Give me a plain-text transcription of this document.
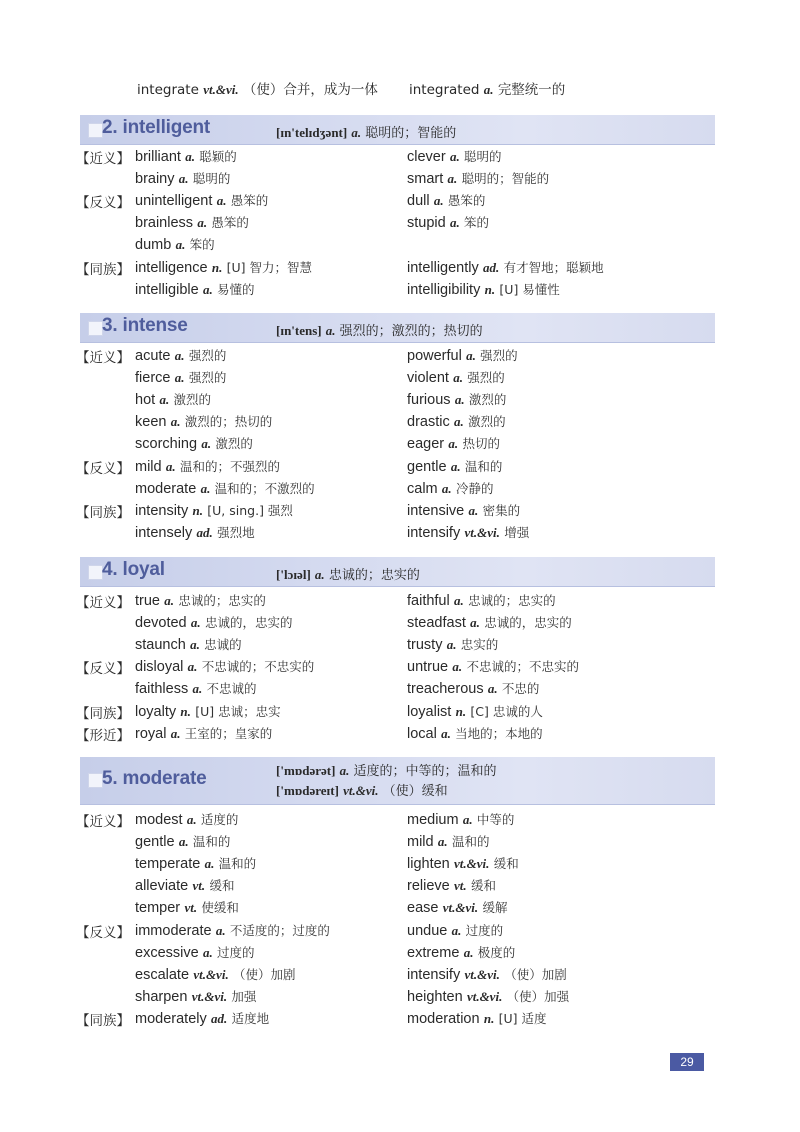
integrate vt.&vi. （使）合并，成为一体 integrated a. 完整统一的
2. intelligent	[ɪn'telɪdʒənt] a. 聪明的；智能的
【近义】 brilliant a. 聪颖的	clever a. 聪明的
brainy a. 聪明的	smart a. 聪明的；智能的
【反义】 unintelligent a. 愚笨的	dull a. 愚笨的
brainless a. 愚笨的	stupid a. 笨的
dumb a. 笨的
【同族】 intelligence n. [U] 智力；智慧	intelligently ad. 有才智地；聪颖地
intelligible a. 易懂的	intelligibility n. [U] 易懂性
3. intense	[ɪn'tens] a. 强烈的；激烈的；热切的
【近义】 acute a. 强烈的	powerful a. 强烈的
fierce a. 强烈的	violent a. 强烈的
hot a. 激烈的	furious a. 激烈的
keen a. 激烈的；热切的	drastic a. 激烈的
scorching a. 激烈的	eager a. 热切的
【反义】 mild a. 温和的；不强烈的	gentle a. 温和的
moderate a. 温和的；不激烈的	calm a. 冷静的
【同族】 intensity n. [U, sing.] 强烈	intensive a. 密集的
intensely ad. 强烈地	intensify vt.&vi. 增强
4. loyal	['lɔɪəl] a. 忠诚的；忠实的
【近义】 true a. 忠诚的；忠实的	faithful a. 忠诚的；忠实的
devoted a. 忠诚的，忠实的	steadfast a. 忠诚的，忠实的
staunch a. 忠诚的	trusty a. 忠实的
【反义】 disloyal a. 不忠诚的；不忠实的	untrue a. 不忠诚的；不忠实的
faithless a. 不忠诚的	treacherous a. 不忠的
【同族】 loyalty n. [U] 忠诚；忠实	loyalist n. [C] 忠诚的人
【形近】 royal a. 王室的；皇家的	local a. 当地的；本地的
5. moderate	['mɒdərət] a. 适度的；中等的；温和的
['mɒdəreɪt] vt.&vi. （使）缓和
【近义】 modest a. 适度的	medium a. 中等的
gentle a. 温和的	mild a. 温和的
temperate a. 温和的	lighten vt.&vi. 缓和
alleviate vt. 缓和	relieve vt. 缓和
temper vt. 使缓和	ease vt.&vi. 缓解
【反义】 immoderate a. 不适度的；过度的	undue a. 过度的
excessive a. 过度的	extreme a. 极度的
escalate vt.&vi. （使）加剧	intensify vt.&vi. （使）加剧
sharpen vt.&vi. 加强	heighten vt.&vi. （使）加强
【同族】 moderately ad. 适度地	moderation n. [U] 适度
29
